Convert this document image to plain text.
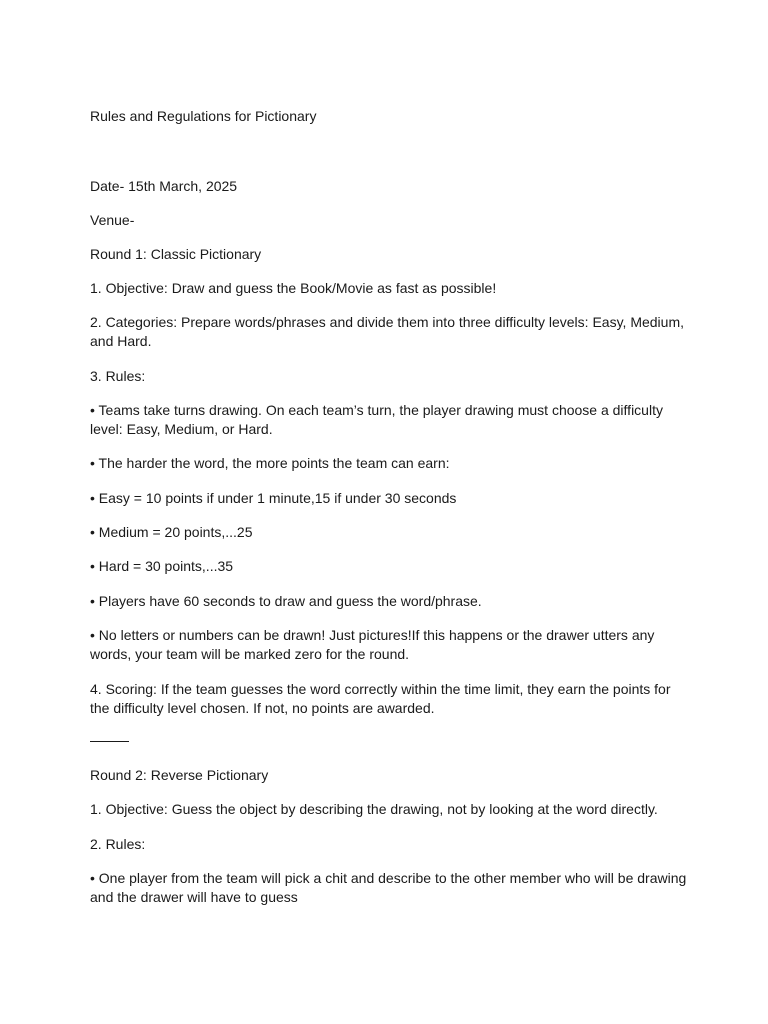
Rules and Regulations for Pictionary

Date- 15th March, 2025

Venue-

Round 1: Classic Pictionary

1. Objective: Draw and guess the Book/Movie as fast as possible!

2. Categories: Prepare words/phrases and divide them into three difficulty levels: Easy, Medium, and Hard.

3. Rules:

• Teams take turns drawing. On each team’s turn, the player drawing must choose a difficulty level: Easy, Medium, or Hard.

• The harder the word, the more points the team can earn:

• Easy = 10 points if under 1 minute,15 if under 30 seconds

• Medium = 20 points,...25

• Hard = 30 points,...35

• Players have 60 seconds to draw and guess the word/phrase.

• No letters or numbers can be drawn! Just pictures!If this happens or the drawer utters any words, your team will be marked zero for the round.

4. Scoring: If the team guesses the word correctly within the time limit, they earn the points for the difficulty level chosen. If not, no points are awarded.

Round 2: Reverse Pictionary

1. Objective: Guess the object by describing the drawing, not by looking at the word directly.

2. Rules:

• One player from the team will pick a chit and describe to the other member who will be drawing and the drawer will have to guess
